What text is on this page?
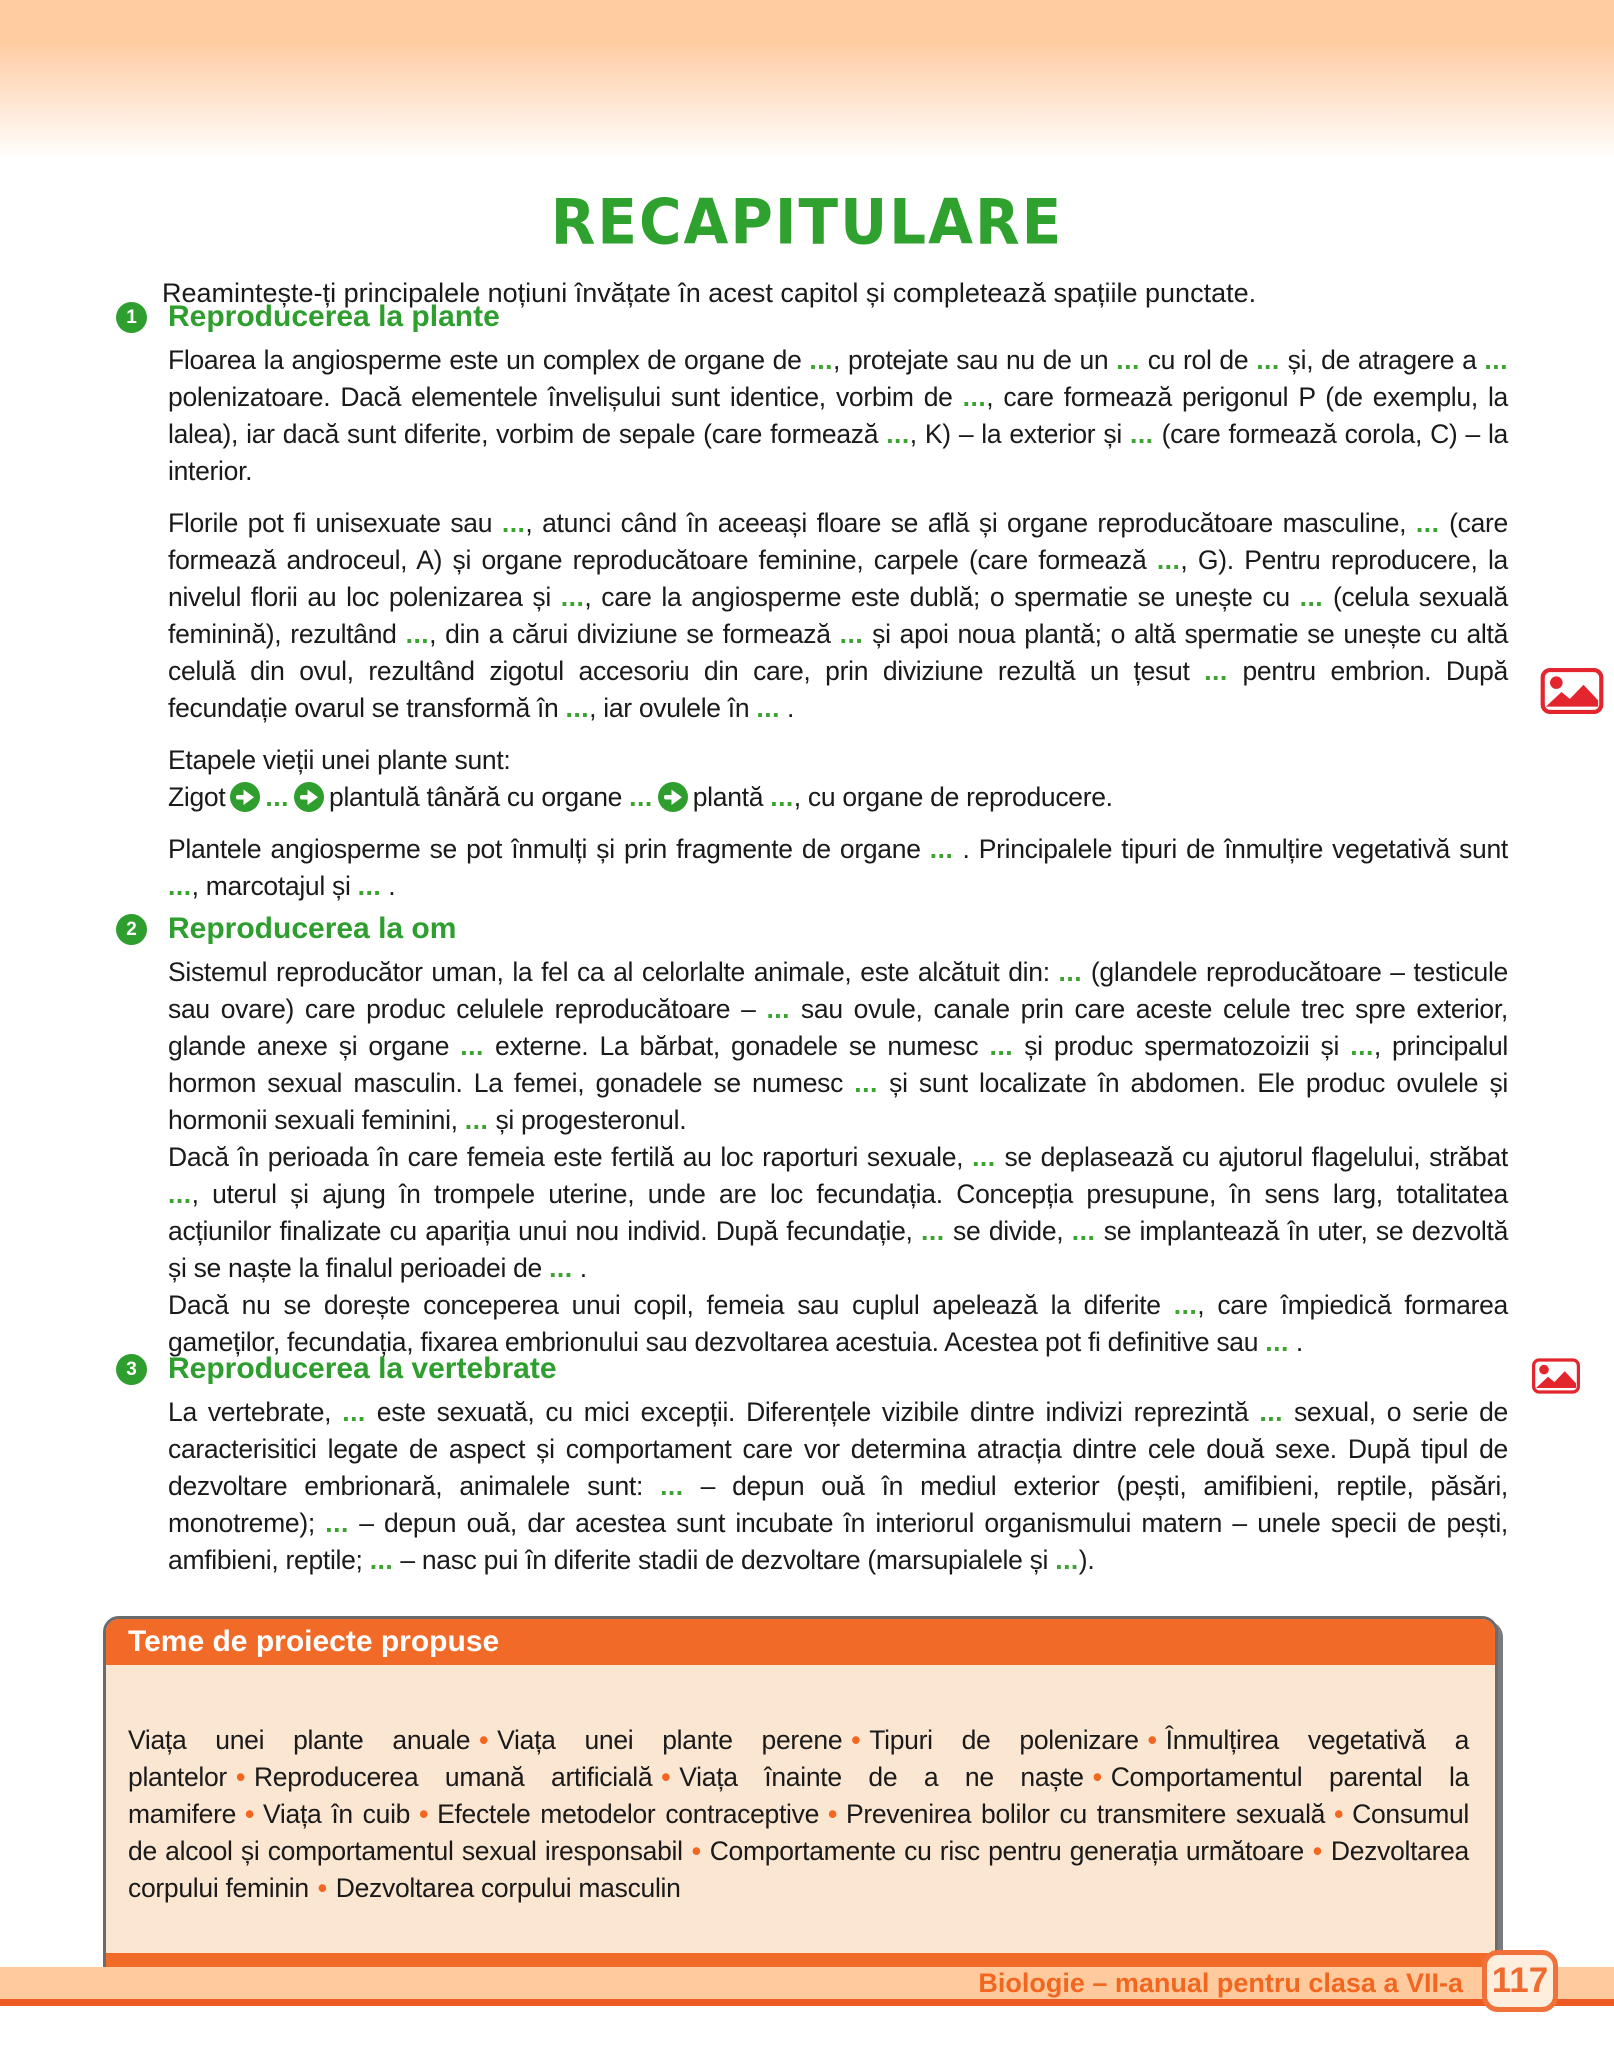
RECAPITULARE

Reamintește-ți principalele noțiuni învățate în acest capitol și completează spațiile punctate.

1	Reproducerea la plante

Floarea la angiosperme este un complex de organe de ..., protejate sau nu de un ... cu rol de ... și, de atragere a ... polenizatoare. Dacă elementele învelișului sunt identice, vorbim de ..., care formează perigonul P (de exemplu, la lalea), iar dacă sunt diferite, vorbim de sepale (care formează ..., K) – la exterior și ... (care formează corola, C) – la interior.

Florile pot fi unisexuate sau ..., atunci când în aceeași floare se află și organe reproducătoare masculine, ... (care formează androceul, A) și organe reproducătoare feminine, carpele (care formează ..., G). Pentru reproducere, la nivelul florii au loc polenizarea și ..., care la angiosperme este dublă; o spermatie se unește cu ... (celula sexuală feminină), rezultând ..., din a cărui diviziune se formează ... și apoi noua plantă; o altă spermatie se unește cu altă celulă din ovul, rezultând zigotul accesoriu din care, prin diviziune rezultă un țesut ... pentru embrion. După fecundație ovarul se transformă în ..., iar ovulele în ... .

Etapele vieții unei plante sunt:

Zigot ... plantulă tânără cu organe ... plantă ..., cu organe de reproducere.

Plantele angiosperme se pot înmulți și prin fragmente de organe ... . Principalele tipuri de înmulțire vegetativă sunt ..., marcotajul și ... .

2	Reproducerea la om

Sistemul reproducător uman, la fel ca al celorlalte animale, este alcătuit din: ... (glandele reproducătoare – testicule sau ovare) care produc celulele reproducătoare – ... sau ovule, canale prin care aceste celule trec spre exterior, glande anexe și organe ... externe. La bărbat, gonadele se numesc ... și produc spermatozoizii și ..., principalul hormon sexual masculin. La femei, gonadele se numesc ... și sunt localizate în abdomen. Ele produc ovulele și hormonii sexuali feminini, ... și progesteronul.

Dacă în perioada în care femeia este fertilă au loc raporturi sexuale, ... se deplasează cu ajutorul flagelului, străbat ..., uterul și ajung în trompele uterine, unde are loc fecundația. Concepția presupune, în sens larg, totalitatea acțiunilor finalizate cu apariția unui nou individ. După fecundație, ... se divide, ... se implantează în uter, se dezvoltă și se naște la finalul perioadei de ... .

Dacă nu se dorește conceperea unui copil, femeia sau cuplul apelează la diferite ..., care împiedică formarea gameților, fecundația, fixarea embrionului sau dezvoltarea acestuia. Acestea pot fi definitive sau ... .

3	Reproducerea la vertebrate

La vertebrate, ... este sexuată, cu mici excepții. Diferențele vizibile dintre indivizi reprezintă ... sexual, o serie de caracterisitici legate de aspect și comportament care vor determina atracția dintre cele două sexe. După tipul de dezvoltare embrionară, animalele sunt: ... – depun ouă în mediul exterior (pești, amifibieni, reptile, păsări, monotreme); ... – depun ouă, dar acestea sunt incubate în interiorul organismului matern – unele specii de pești, amfibieni, reptile; ... – nasc pui în diferite stadii de dezvoltare (marsupialele și ...).

Teme de proiecte propuse

Viața unei plante anuale • Viața unei plante perene • Tipuri de polenizare • Înmulțirea vegetativă a plantelor • Reproducerea umană artificială • Viața înainte de a ne naște • Comportamentul parental la mamifere • Viața în cuib • Efectele metodelor contraceptive • Prevenirea bolilor cu transmitere sexuală • Consumul de alcool și comportamentul sexual iresponsabil • Comportamente cu risc pentru generația următoare • Dezvoltarea corpului feminin • Dezvoltarea corpului masculin

Biologie – manual pentru clasa a VII-a 117
